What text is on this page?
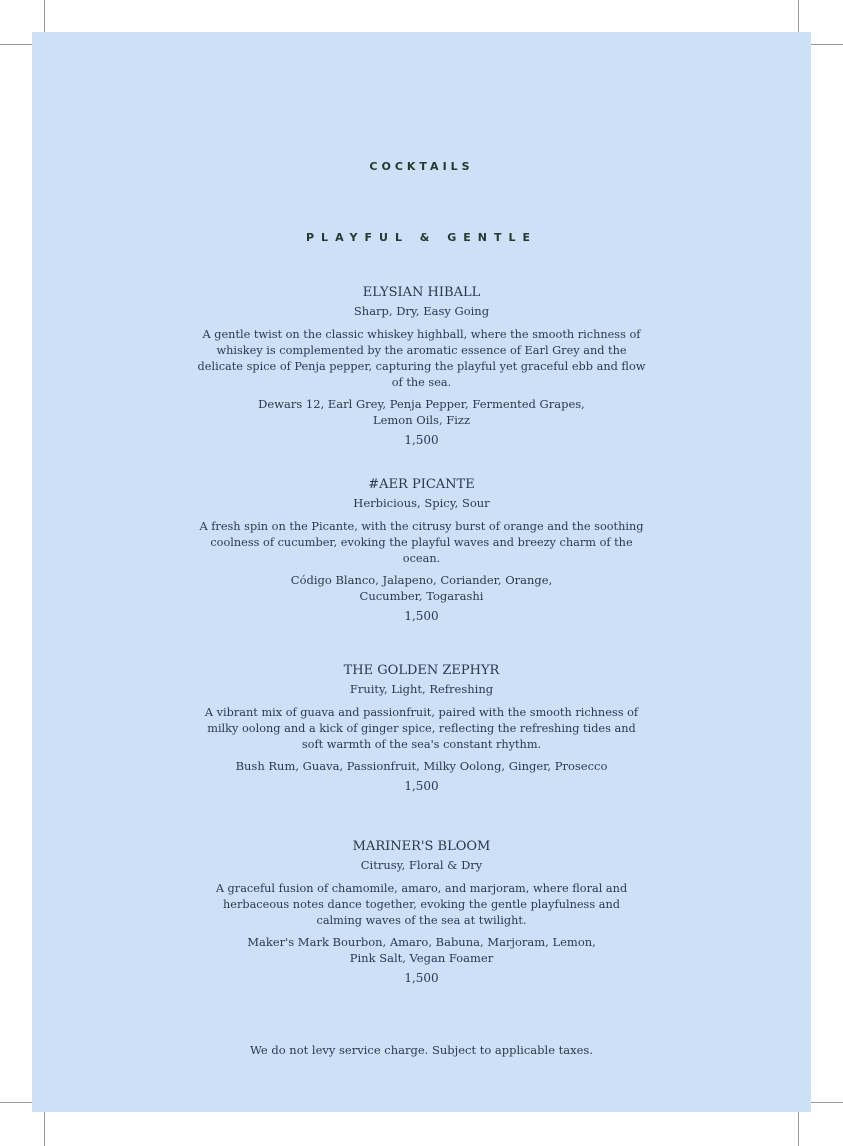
COCKTAILS
PLAYFUL & GENTLE
ELYSIAN HIBALL
Sharp, Dry, Easy Going
A gentle twist on the classic whiskey highball, where the smooth richness of whiskey is complemented by the aromatic essence of Earl Grey and the delicate spice of Penja pepper, capturing the playful yet graceful ebb and flow of the sea.
Dewars 12, Earl Grey, Penja Pepper, Fermented Grapes, Lemon Oils, Fizz
1,500
#AER PICANTE
Herbicious, Spicy, Sour
A fresh spin on the Picante, with the citrusy burst of orange and the soothing coolness of cucumber, evoking the playful waves and breezy charm of the ocean.
Código Blanco, Jalapeno, Coriander, Orange, Cucumber, Togarashi
1,500
THE GOLDEN ZEPHYR
Fruity, Light, Refreshing
A vibrant mix of guava and passionfruit, paired with the smooth richness of milky oolong and a kick of ginger spice, reflecting the refreshing tides and soft warmth of the sea's constant rhythm.
Bush Rum, Guava, Passionfruit, Milky Oolong, Ginger, Prosecco
1,500
MARINER'S BLOOM
Citrusy, Floral & Dry
A graceful fusion of chamomile, amaro, and marjoram, where floral and herbaceous notes dance together, evoking the gentle playfulness and calming waves of the sea at twilight.
Maker's Mark Bourbon, Amaro, Babuna, Marjoram, Lemon, Pink Salt, Vegan Foamer
1,500
We do not levy service charge. Subject to applicable taxes.
